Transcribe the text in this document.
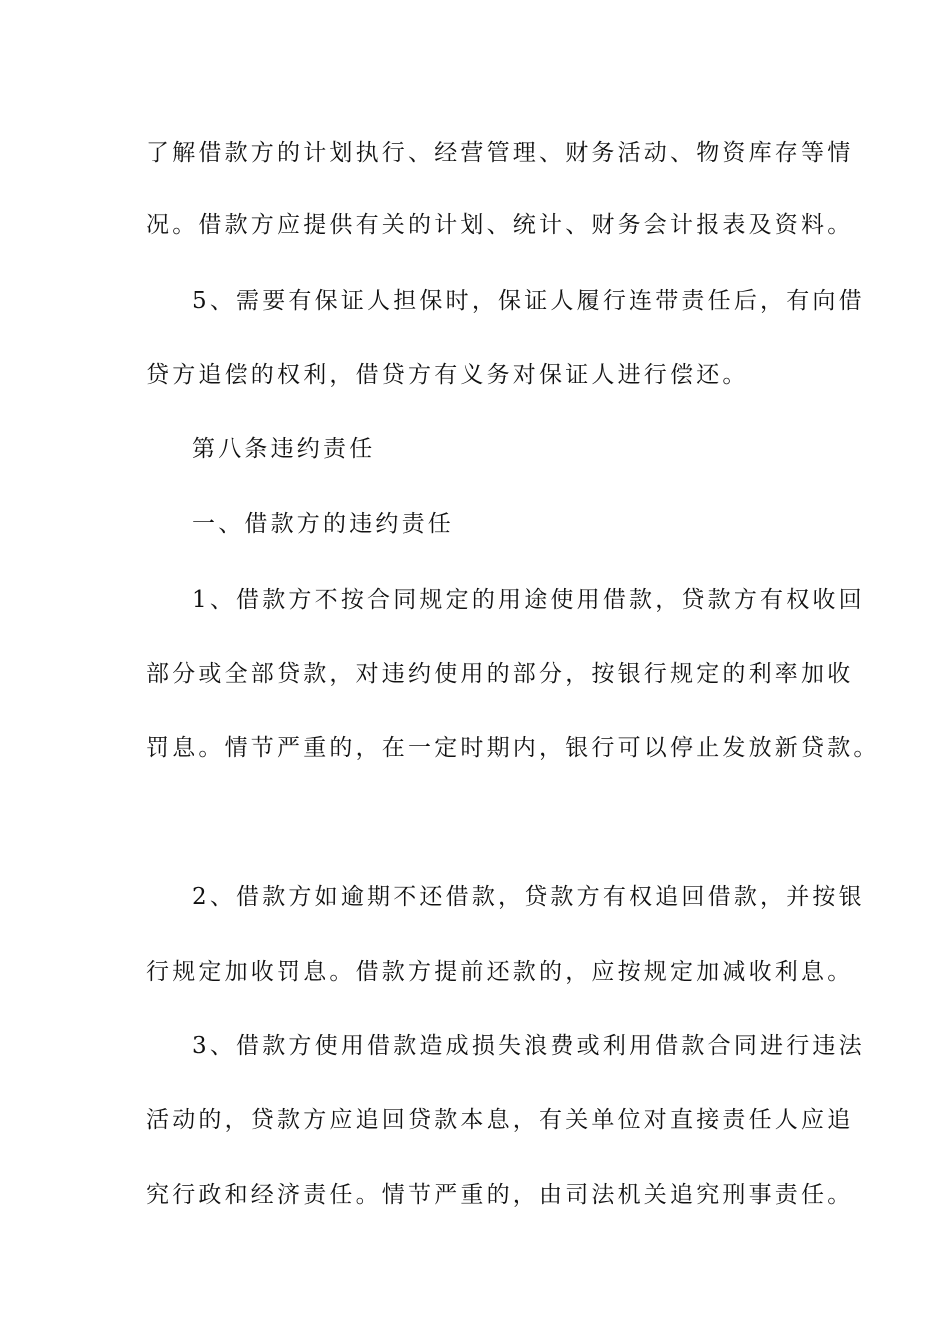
了解借款方的计划执行、经营管理、财务活动、物资库存等情
况。借款方应提供有关的计划、统计、财务会计报表及资料。
5、需要有保证人担保时，保证人履行连带责任后，有向借
贷方追偿的权利，借贷方有义务对保证人进行偿还。
第八条违约责任
一、借款方的违约责任
1、借款方不按合同规定的用途使用借款，贷款方有权收回
部分或全部贷款，对违约使用的部分，按银行规定的利率加收
罚息。情节严重的，在一定时期内，银行可以停止发放新贷款。
2、借款方如逾期不还借款，贷款方有权追回借款，并按银
行规定加收罚息。借款方提前还款的，应按规定加减收利息。
3、借款方使用借款造成损失浪费或利用借款合同进行违法
活动的，贷款方应追回贷款本息，有关单位对直接责任人应追
究行政和经济责任。情节严重的，由司法机关追究刑事责任。
